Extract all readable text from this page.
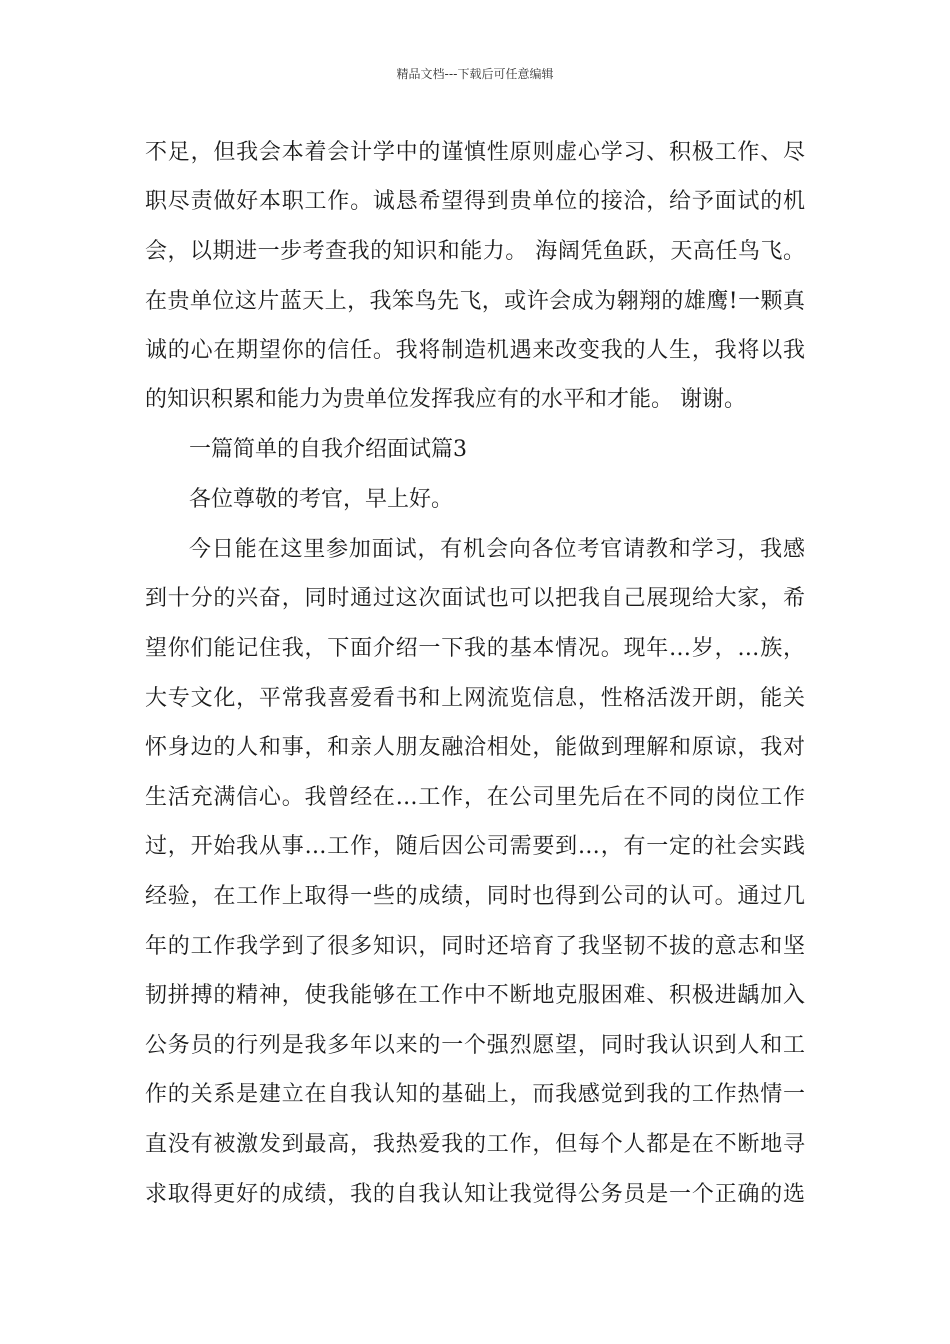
精品文档---下载后可任意编辑
不足，但我会本着会计学中的谨慎性原则虚心学习、积极工作、尽
职尽责做好本职工作。诚恳希望得到贵单位的接洽，给予面试的机
会，以期进一步考查我的知识和能力。 海阔凭鱼跃，天高任鸟飞。
在贵单位这片蓝天上，我笨鸟先飞，或许会成为翱翔的雄鹰!一颗真
诚的心在期望你的信任。我将制造机遇来改变我的人生，我将以我
的知识积累和能力为贵单位发挥我应有的水平和才能。 谢谢。
一篇简单的自我介绍面试篇3
各位尊敬的考官，早上好。
今日能在这里参加面试，有机会向各位考官请教和学习，我感
到十分的兴奋，同时通过这次面试也可以把我自己展现给大家，希
望你们能记住我，下面介绍一下我的基本情况。现年…岁，…族，
大专文化，平常我喜爱看书和上网流览信息，性格活泼开朗，能关
怀身边的人和事，和亲人朋友融洽相处，能做到理解和原谅，我对
生活充满信心。我曾经在…工作，在公司里先后在不同的岗位工作
过，开始我从事…工作，随后因公司需要到…，有一定的社会实践
经验，在工作上取得一些的成绩，同时也得到公司的认可。通过几
年的工作我学到了很多知识，同时还培育了我坚韧不拔的意志和坚
韧拼搏的精神，使我能够在工作中不断地克服困难、积极进龋加入
公务员的行列是我多年以来的一个强烈愿望，同时我认识到人和工
作的关系是建立在自我认知的基础上，而我感觉到我的工作热情一
直没有被激发到最高，我热爱我的工作，但每个人都是在不断地寻
求取得更好的成绩，我的自我认知让我觉得公务员是一个正确的选
